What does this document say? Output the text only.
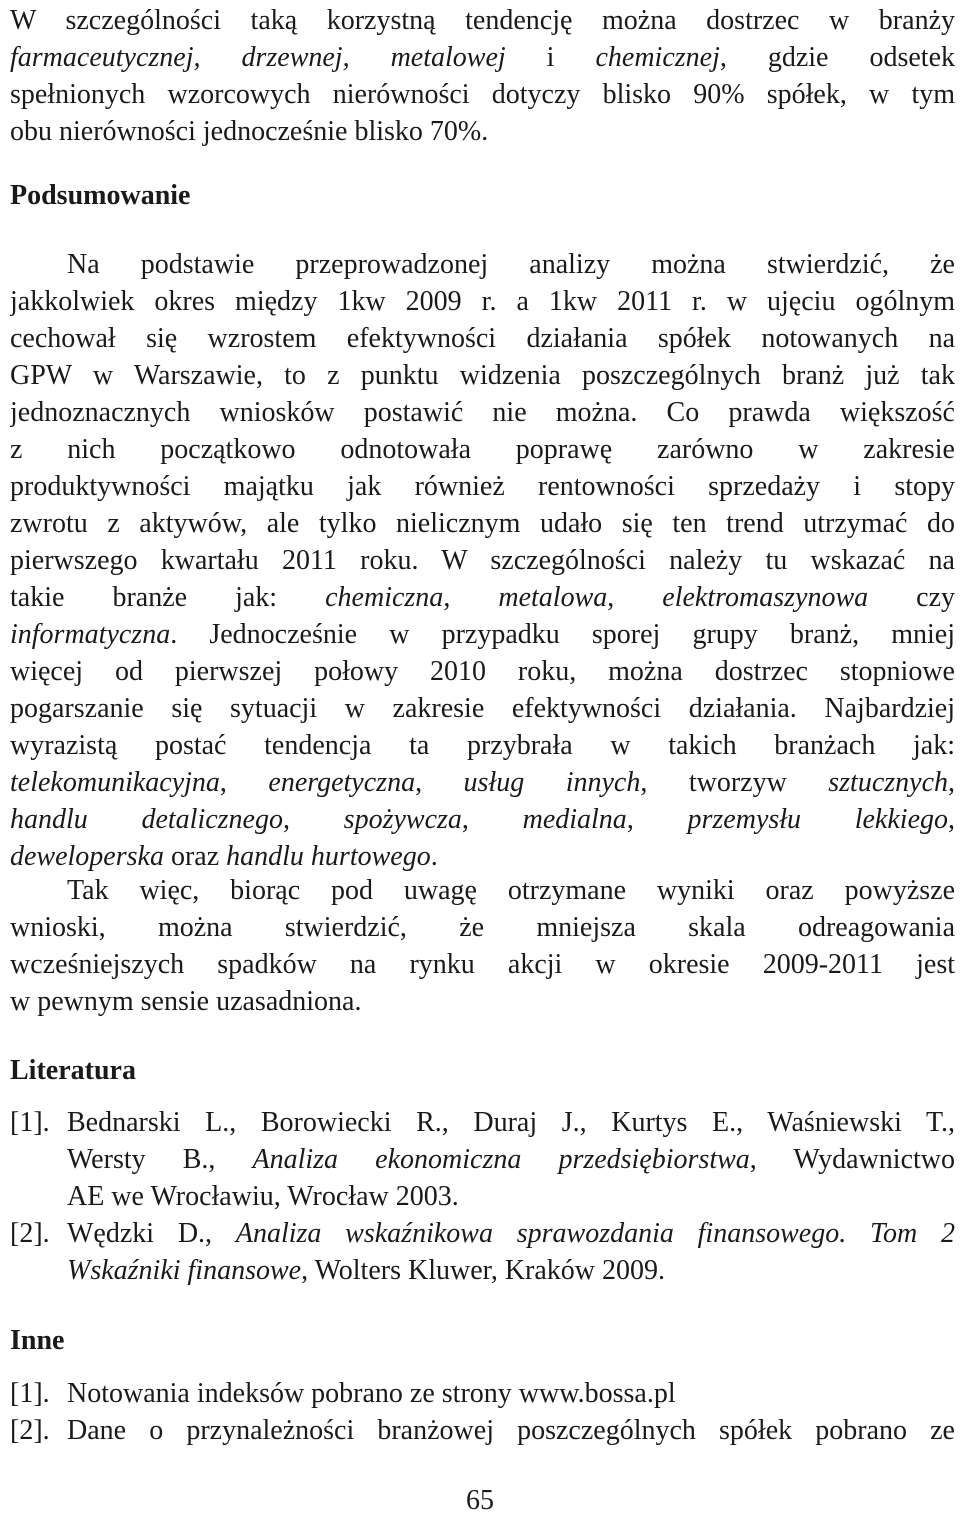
W szczególności taką korzystną tendencję można dostrzec w branży

farmaceutycznej, drzewnej, metalowej i chemicznej, gdzie odsetek

spełnionych wzorcowych nierówności dotyczy blisko 90% spółek, w tym

obu nierówności jednocześnie blisko 70%.

Podsumowanie

Na podstawie przeprowadzonej analizy można stwierdzić, że

jakkolwiek okres między 1kw 2009 r. a 1kw 2011 r. w ujęciu ogólnym

cechował się wzrostem efektywności działania spółek notowanych na

GPW w Warszawie, to z punktu widzenia poszczególnych branż już tak

jednoznacznych wniosków postawić nie można. Co prawda większość

z nich początkowo odnotowała poprawę zarówno w zakresie

produktywności majątku jak również rentowności sprzedaży i stopy

zwrotu z aktywów, ale tylko nielicznym udało się ten trend utrzymać do

pierwszego kwartału 2011 roku. W szczególności należy tu wskazać na

takie branże jak: chemiczna, metalowa, elektromaszynowa czy

informatyczna. Jednocześnie w przypadku sporej grupy branż, mniej

więcej od pierwszej połowy 2010 roku, można dostrzec stopniowe

pogarszanie się sytuacji w zakresie efektywności działania. Najbardziej

wyrazistą postać tendencja ta przybrała w takich branżach jak:

telekomunikacyjna, energetyczna, usług innych, tworzyw sztucznych,

handlu detalicznego, spożywcza, medialna, przemysłu lekkiego,

deweloperska oraz handlu hurtowego.

Tak więc, biorąc pod uwagę otrzymane wyniki oraz powyższe

wnioski, można stwierdzić, że mniejsza skala odreagowania

wcześniejszych spadków na rynku akcji w okresie 2009-2011 jest

w pewnym sensie uzasadniona.

Literatura
[1]. Bednarski L., Borowiecki R., Duraj J., Kurtys E., Waśniewski T.,

Wersty B., Analiza ekonomiczna przedsiębiorstwa, Wydawnictwo

AE we Wrocławiu, Wrocław 2003.

[2]. Wędzki D., Analiza wskaźnikowa sprawozdania finansowego. Tom 2

Wskaźniki finansowe, Wolters Kluwer, Kraków 2009.

Inne
[1]. Notowania indeksów pobrano ze strony www.bossa.pl

[2]. Dane o przynależności branżowej poszczególnych spółek pobrano ze

65
